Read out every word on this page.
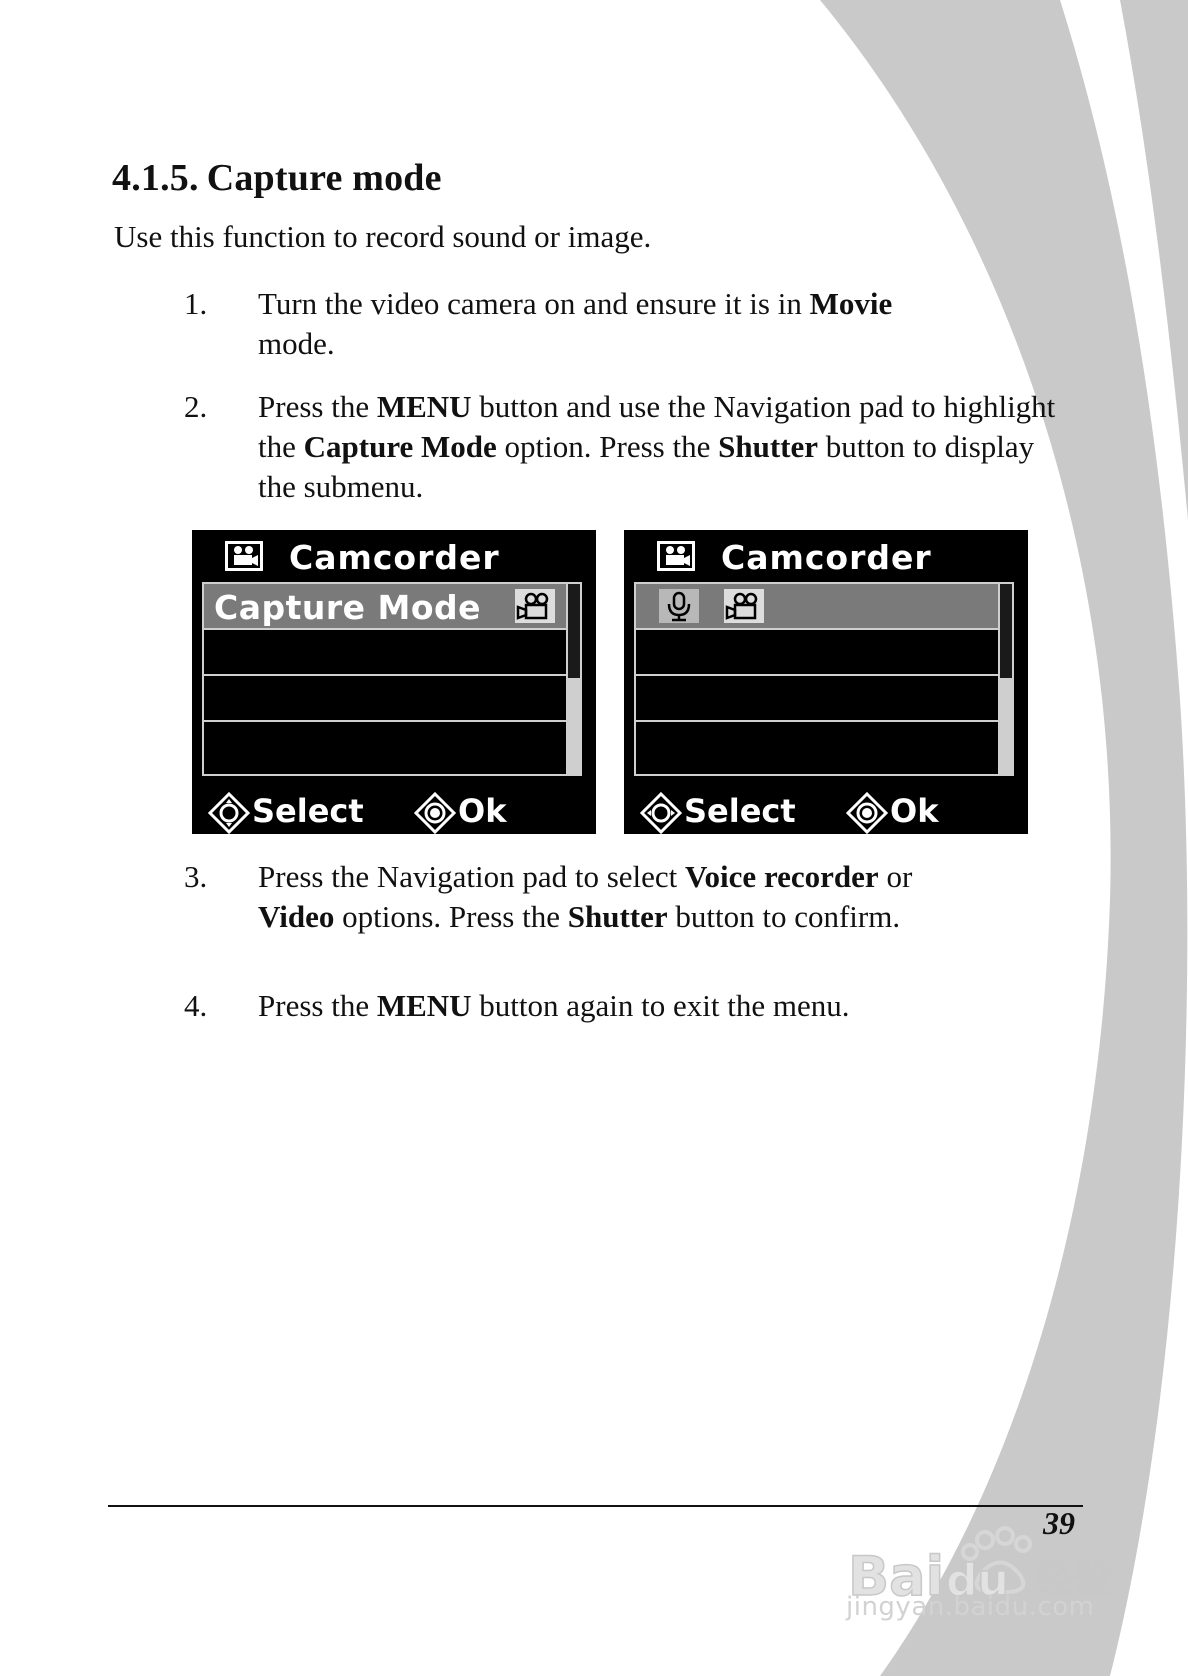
4.1.5. Capture mode
Use this function to record sound or image.
1. Turn the video camera on and ensure it is in Movie
mode.
2. Press the MENU button and use the Navigation pad to highlight the Capture Mode option. Press the Shutter button to display the submenu.
Camcorder
Capture Mode
Select	Ok
Camcorder
Select	Ok
3. Press the Navigation pad to select Voice recorder or
Video options. Press the Shutter button to confirm.
4. Press the MENU button again to exit the menu.
39
Bai du 经验
jingyan.baidu.com
